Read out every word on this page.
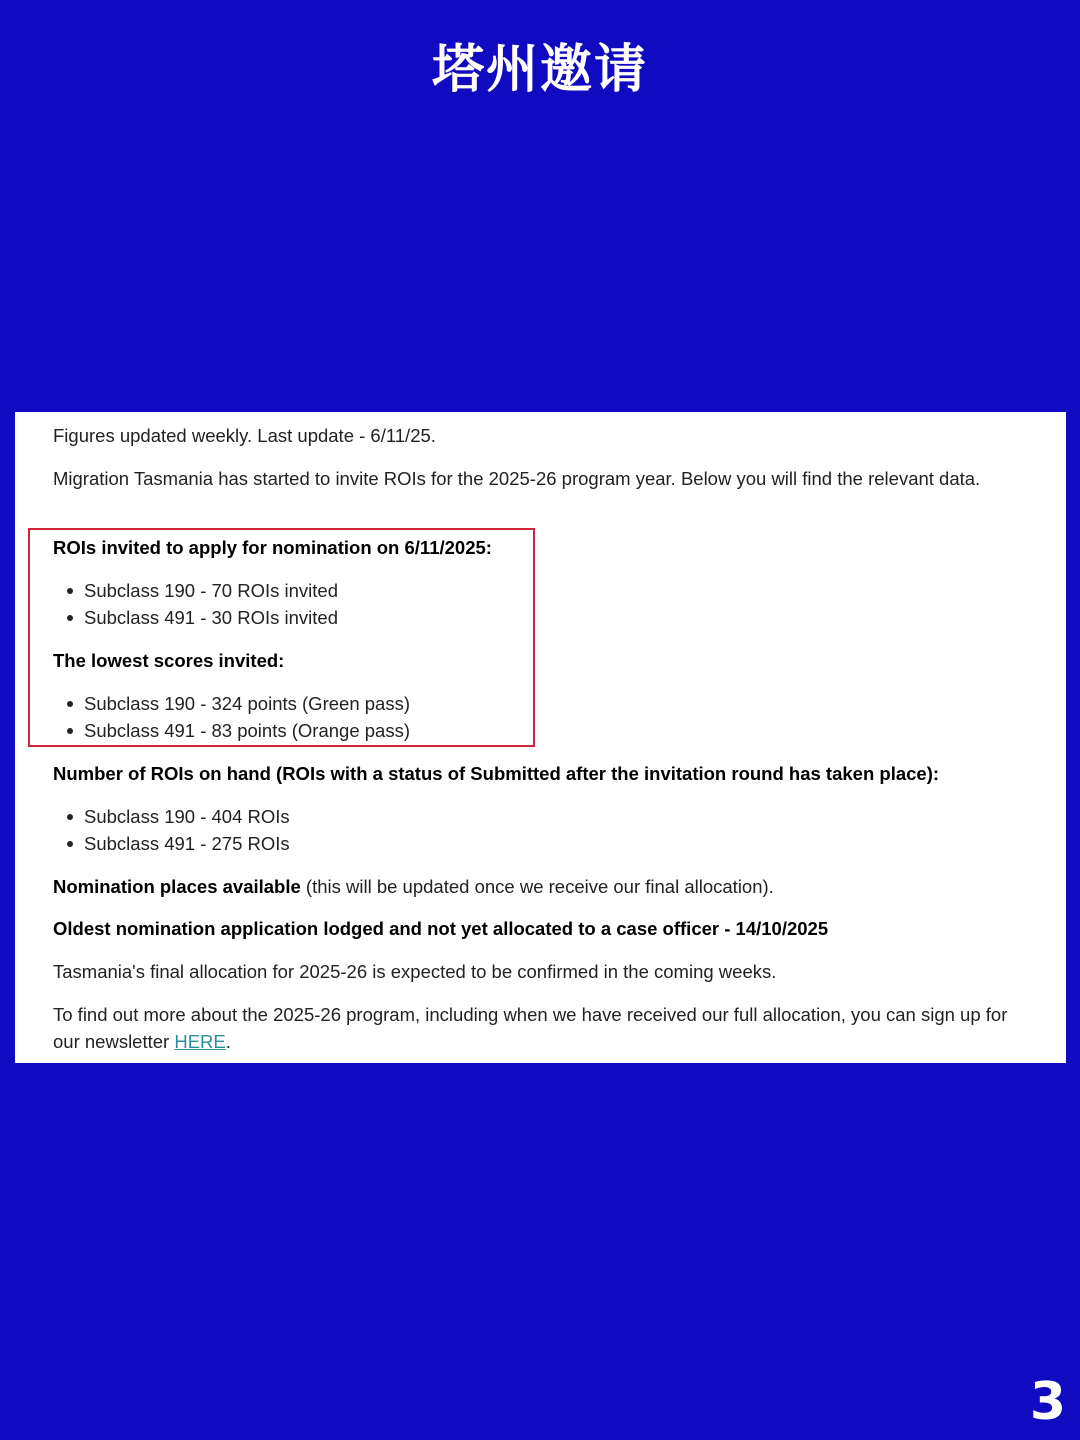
塔州邀请

Figures updated weekly. Last update - 6/11/25.

Migration Tasmania has started to invite ROIs for the 2025-26 program year. Below you will find the relevant data.

ROIs invited to apply for nomination on 6/11/2025:

Subclass 190 - 70 ROIs invited
Subclass 491 - 30 ROIs invited

The lowest scores invited:

Subclass 190 - 324 points (Green pass)
Subclass 491 - 83 points (Orange pass)

Number of ROIs on hand (ROIs with a status of Submitted after the invitation round has taken place):

Subclass 190 - 404 ROIs
Subclass 491 - 275 ROIs

Nomination places available (this will be updated once we receive our final allocation).

Oldest nomination application lodged and not yet allocated to a case officer - 14/10/2025

Tasmania's final allocation for 2025-26 is expected to be confirmed in the coming weeks.

To find out more about the 2025-26 program, including when we have received our full allocation, you can sign up for our newsletter HERE.

3
